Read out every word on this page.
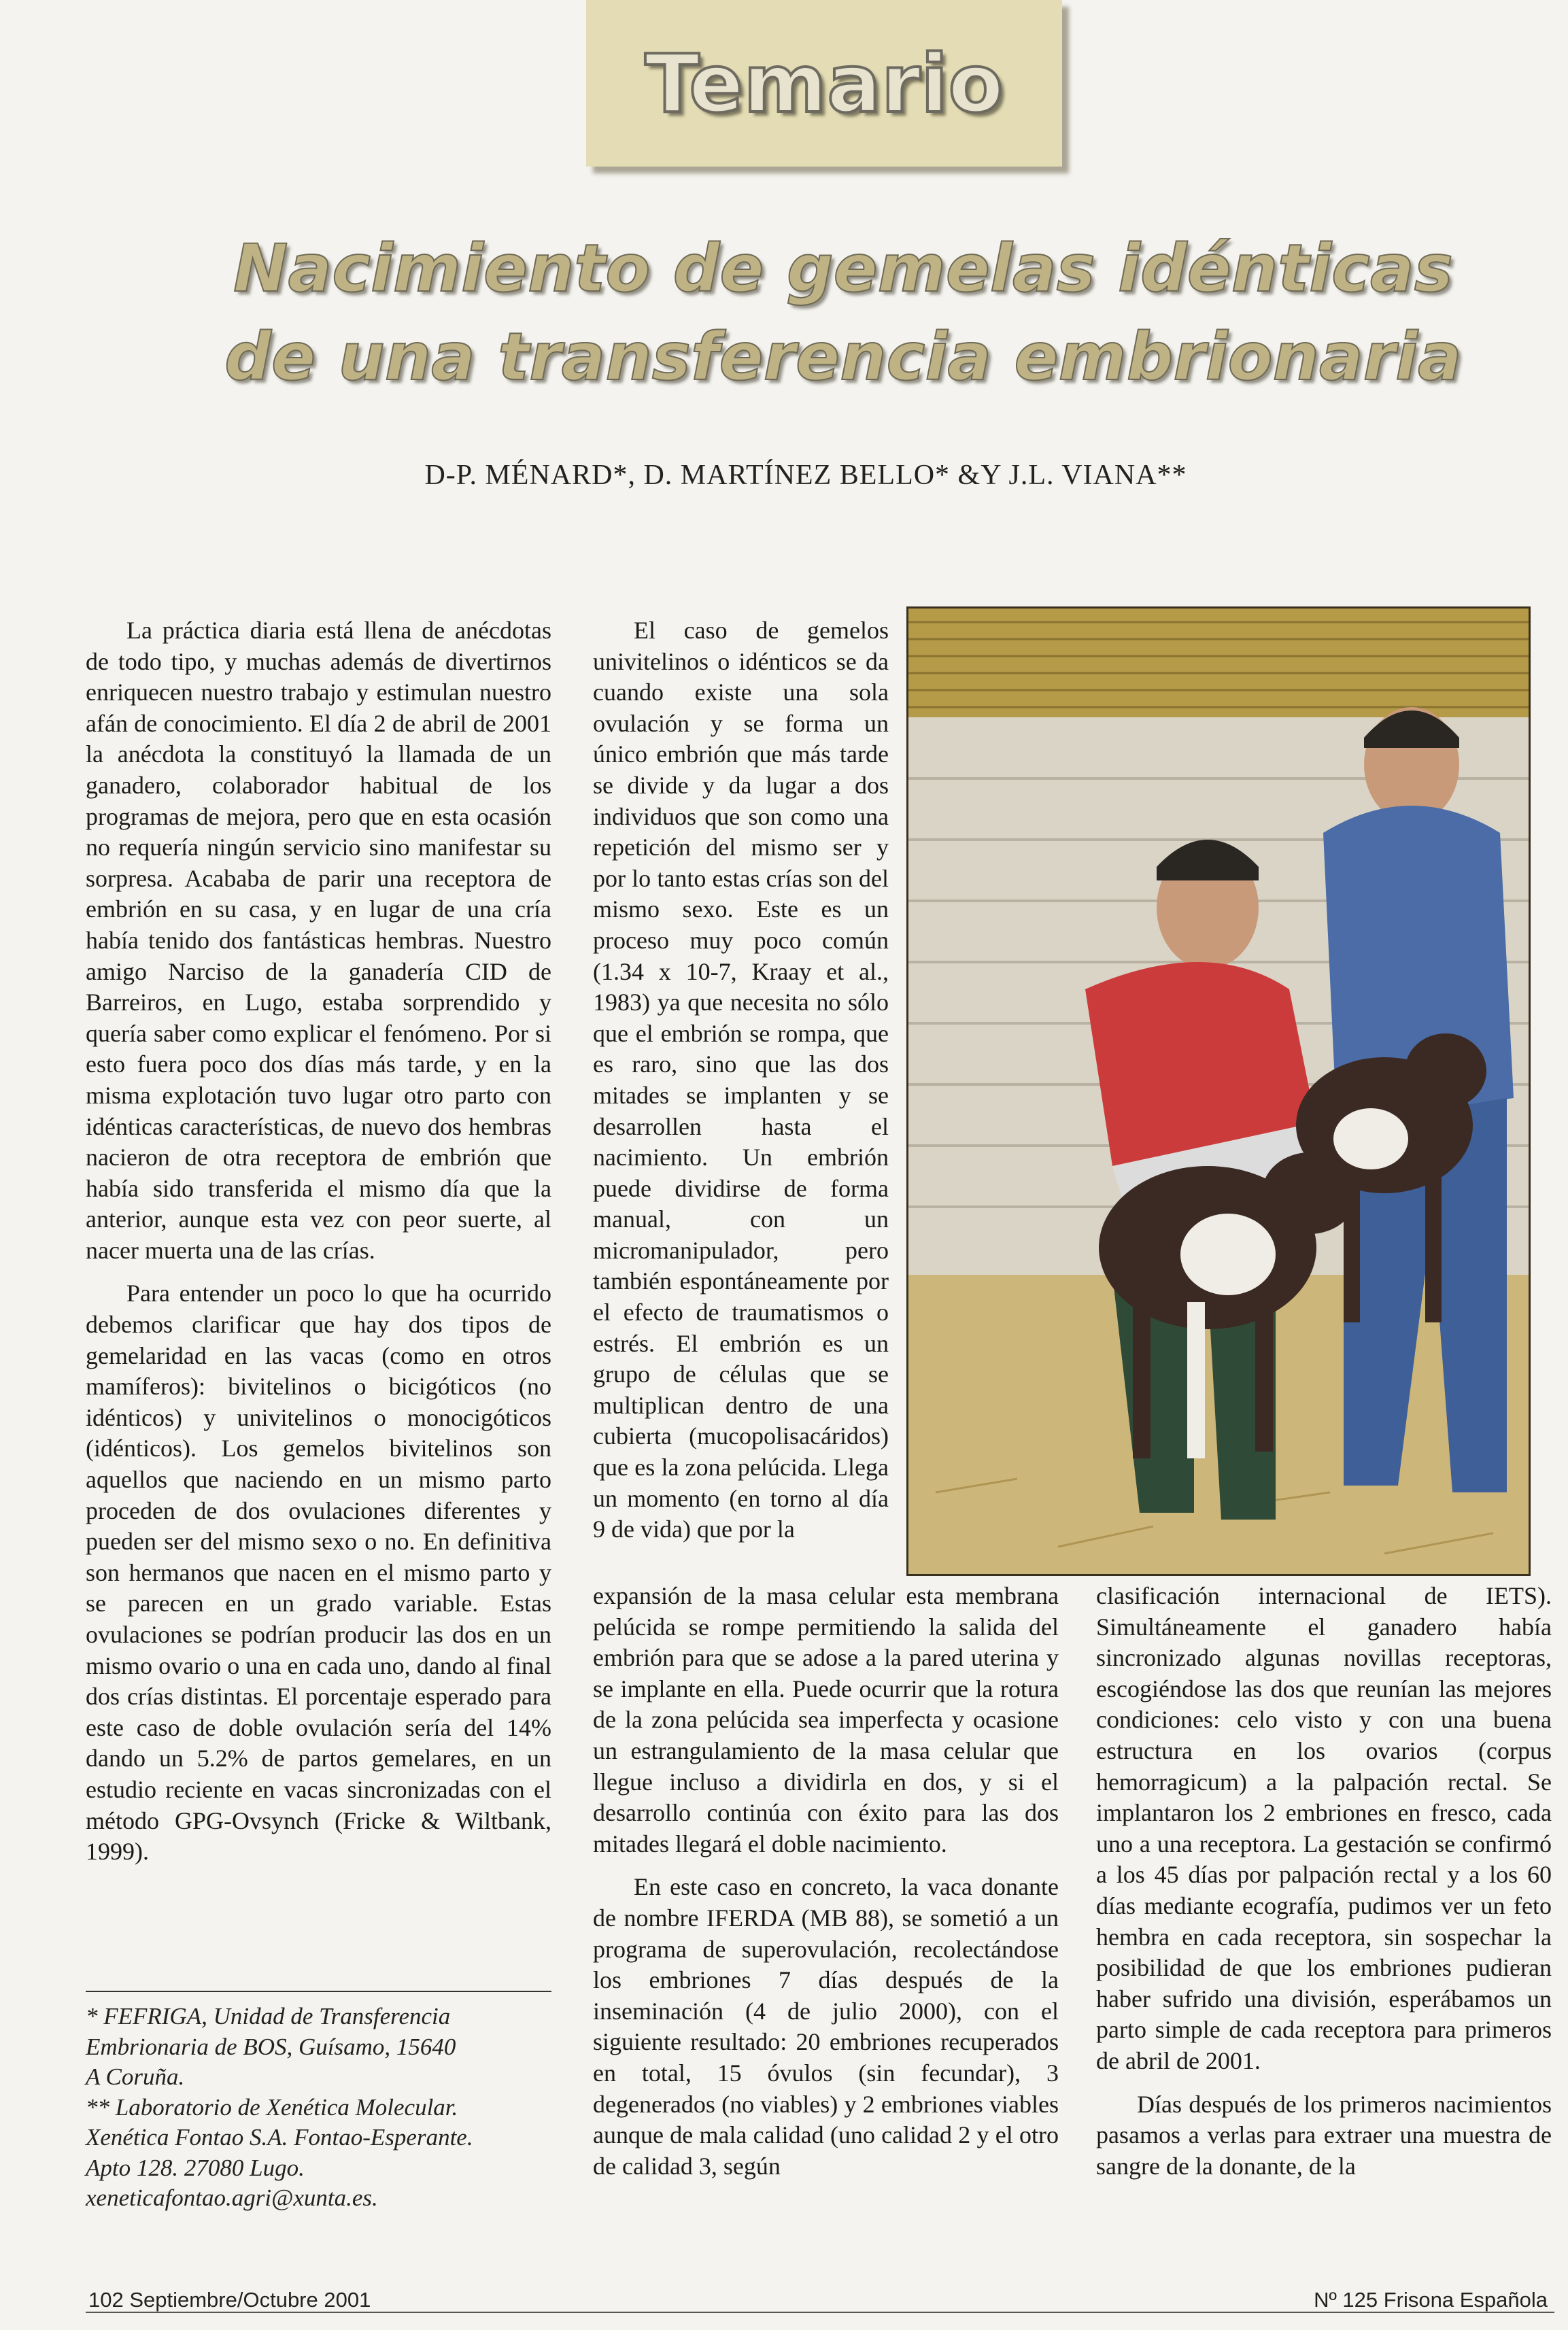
Temario
Nacimiento de gemelas idénticas
de una transferencia embrionaria
D-P. MÉNARD*, D. MARTÍNEZ BELLO* &Y J.L. VIANA**

La práctica diaria está llena de anécdotas de todo tipo, y muchas además de divertirnos enriquecen nuestro trabajo y estimulan nuestro afán de conocimiento. El día 2 de abril de 2001 la anécdota la constituyó la llamada de un ganadero, colaborador habitual de los programas de mejora, pero que en esta ocasión no requería ningún servicio sino manifestar su sorpresa. Acababa de parir una receptora de embrión en su casa, y en lugar de una cría había tenido dos fantásticas hembras. Nuestro amigo Narciso de la ganadería CID de Barreiros, en Lugo, estaba sorprendido y quería saber como explicar el fenómeno. Por si esto fuera poco dos días más tarde, y en la misma explotación tuvo lugar otro parto con idénticas características, de nuevo dos hembras nacieron de otra receptora de embrión que había sido transferida el mismo día que la anterior, aunque esta vez con peor suerte, al nacer muerta una de las crías.

Para entender un poco lo que ha ocurrido debemos clarificar que hay dos tipos de gemelaridad en las vacas (como en otros mamíferos): bivitelinos o bicigóticos (no idénticos) y univitelinos o monocigóticos (idénticos). Los gemelos bivitelinos son aquellos que naciendo en un mismo parto proceden de dos ovulaciones diferentes y pueden ser del mismo sexo o no. En definitiva son hermanos que nacen en el mismo parto y se parecen en un grado variable. Estas ovulaciones se podrían producir las dos en un mismo ovario o una en cada uno, dando al final dos crías distintas. El porcentaje esperado para este caso de doble ovulación sería del 14% dando un 5.2% de partos gemelares, en un estudio reciente en vacas sincronizadas con el método GPG-Ovsynch (Fricke & Wiltbank, 1999).

* FEFRIGA, Unidad de Transferencia
Embrionaria de BOS, Guísamo, 15640
A Coruña.
** Laboratorio de Xenética Molecular.
Xenética Fontao S.A. Fontao-Esperante.
Apto 128. 27080 Lugo.
xeneticafontao.agri@xunta.es.

El caso de gemelos univitelinos o idénticos se da cuando existe una sola ovulación y se forma un único embrión que más tarde se divide y da lugar a dos individuos que son como una repetición del mismo ser y por lo tanto estas crías son del mismo sexo. Este es un proceso muy poco común (1.34 x 10-7, Kraay et al., 1983) ya que necesita no sólo que el embrión se rompa, que es raro, sino que las dos mitades se implanten y se desarrollen hasta el nacimiento. Un embrión puede dividirse de forma manual, con un micromanipulador, pero también espontáneamente por el efecto de traumatismos o estrés. El embrión es un grupo de células que se multiplican dentro de una cubierta (mucopolisacáridos) que es la zona pelúcida. Llega un momento (en torno al día 9 de vida) que por la

expansión de la masa celular esta membrana pelúcida se rompe permitiendo la salida del embrión para que se adose a la pared uterina y se implante en ella. Puede ocurrir que la rotura de la zona pelúcida sea imperfecta y ocasione un estrangulamiento de la masa celular que llegue incluso a dividirla en dos, y si el desarrollo continúa con éxito para las dos mitades llegará el doble nacimiento.

En este caso en concreto, la vaca donante de nombre IFERDA (MB 88), se sometió a un programa de superovulación, recolectándose los embriones 7 días después de la inseminación (4 de julio 2000), con el siguiente resultado: 20 embriones recuperados en total, 15 óvulos (sin fecundar), 3 degenerados (no viables) y 2 embriones viables aunque de mala calidad (uno calidad 2 y el otro de calidad 3, según

clasificación internacional de IETS). Simultáneamente el ganadero había sincronizado algunas novillas receptoras, escogiéndose las dos que reunían las mejores condiciones: celo visto y con una buena estructura en los ovarios (corpus hemorragicum) a la palpación rectal. Se implantaron los 2 embriones en fresco, cada uno a una receptora. La gestación se confirmó a los 45 días por palpación rectal y a los 60 días mediante ecografía, pudimos ver un feto hembra en cada receptora, sin sospechar la posibilidad de que los embriones pudieran haber sufrido una división, esperábamos un parto simple de cada receptora para primeros de abril de 2001.

Días después de los primeros nacimientos pasamos a verlas para extraer una muestra de sangre de la donante, de la

102 Septiembre/Octubre 2001	Nº 125 Frisona Española
